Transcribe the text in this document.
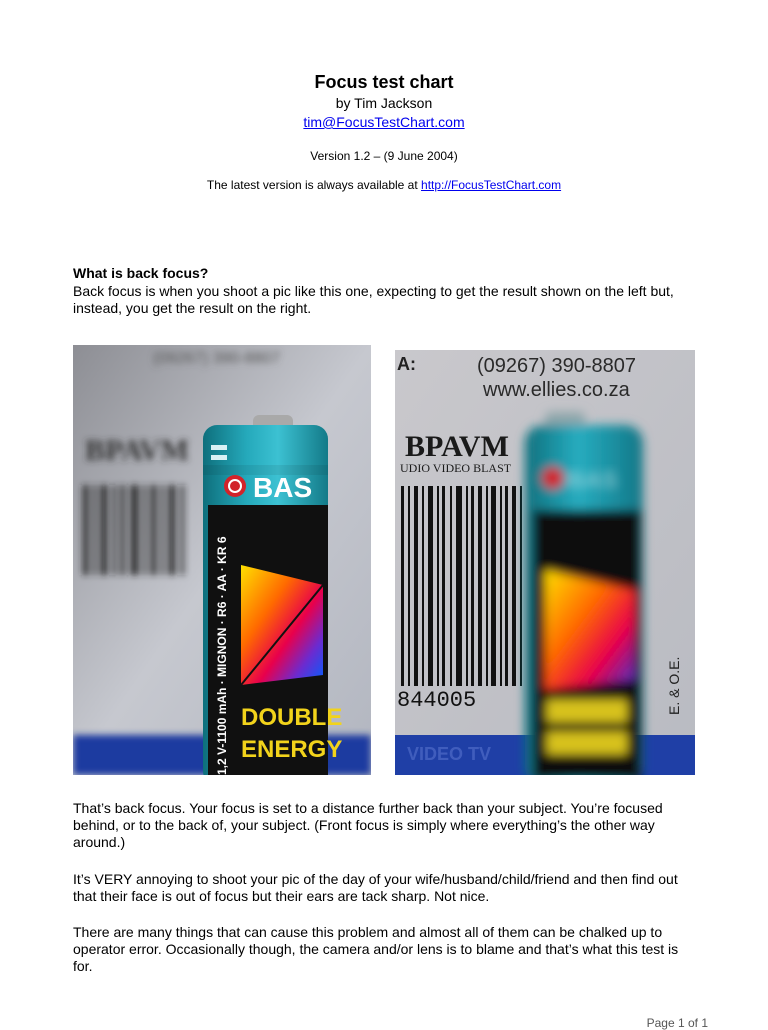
Focus test chart
by Tim Jackson
tim@FocusTestChart.com
Version 1.2 – (9 June 2004)
The latest version is always available at http://FocusTestChart.com
What is back focus?
Back focus is when you shoot a pic like this one, expecting to get the result shown on the left but, instead, you get the result on the right.
(09267) 390-8807
BPAVM
BAS
1,2 V-1100 mAh · MIGNON · R6 · AA · KR 6 DOUBLE
ENERGY
A:	(09267) 390-8807
www.ellies.co.za
BPAVM
UDIO VIDEO BLAST
844005	E. & O.E.
VIDEO TV
BAS
That’s back focus. Your focus is set to a distance further back than your subject. You’re focused behind, or to the back of, your subject. (Front focus is simply where everything’s the other way around.)
It’s VERY annoying to shoot your pic of the day of your wife/husband/child/friend and then find out that their face is out of focus but their ears are tack sharp. Not nice.
There are many things that can cause this problem and almost all of them can be chalked up to operator error. Occasionally though, the camera and/or lens is to blame and that’s what this test is for.
Page 1 of 1
